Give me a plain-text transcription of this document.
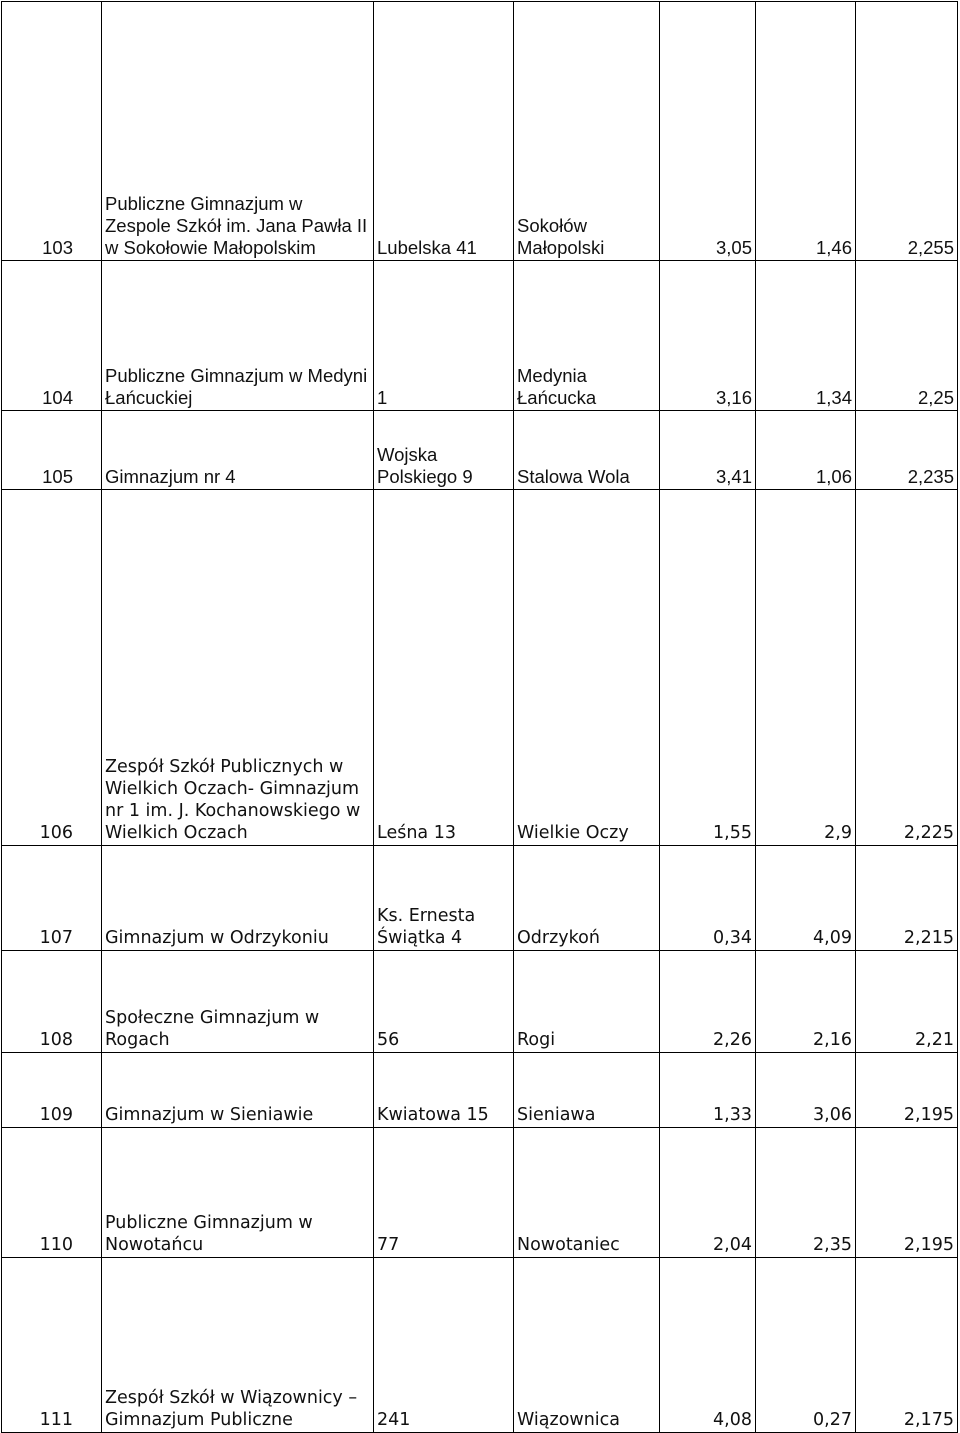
103	Publiczne Gimnazjum w Zespole Szkół im. Jana Pawła II w Sokołowie Małopolskim	Lubelska 41	Sokołów Małopolski	3,05	1,46	2,255
104	Publiczne Gimnazjum w Medyni Łańcuckiej	1	Medynia Łańcucka	3,16	1,34	2,25
105	Gimnazjum nr 4	Wojska Polskiego 9	Stalowa Wola	3,41	1,06	2,235
106	Zespół Szkół Publicznych w Wielkich Oczach- Gimnazjum nr 1 im. J. Kochanowskiego w Wielkich Oczach	Leśna 13	Wielkie Oczy	1,55	2,9	2,225
107	Gimnazjum w Odrzykoniu	Ks. Ernesta Świątka 4	Odrzykoń	0,34	4,09	2,215
108	Społeczne Gimnazjum w Rogach	56	Rogi	2,26	2,16	2,21
109	Gimnazjum w Sieniawie	Kwiatowa 15	Sieniawa	1,33	3,06	2,195
110	Publiczne Gimnazjum w Nowotańcu	77	Nowotaniec	2,04	2,35	2,195
111	Zespół Szkół w Wiązownicy – Gimnazjum Publiczne	241	Wiązownica	4,08	0,27	2,175
